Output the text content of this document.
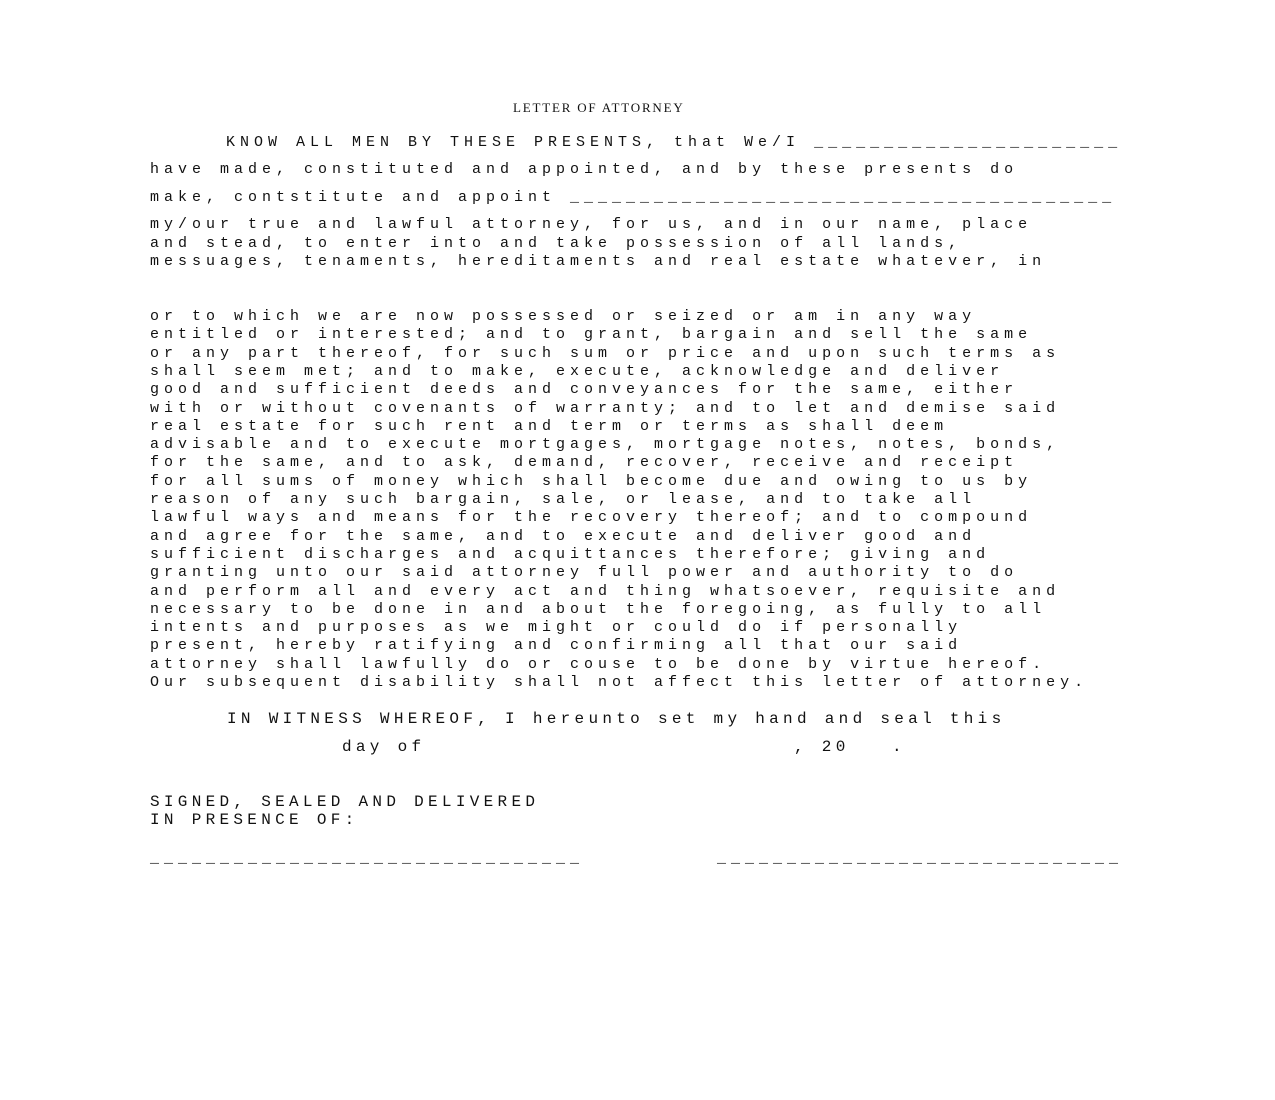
LETTER OF ATTORNEY
KNOW ALL MEN BY THESE PRESENTS, that We/I ______________________
have made, constituted and appointed, and by these presents do
make, contstitute and appoint _______________________________________
my/our true and lawful attorney, for us, and in our name, place
and stead, to enter into and take possession of all lands,
messuages, tenaments, hereditaments and real estate whatever, in
or to which we are now possessed or seized or am in any way
entitled or interested; and to grant, bargain and sell the same
or any part thereof, for such sum or price and upon such terms as
shall seem met; and to make, execute, acknowledge and deliver
good and sufficient deeds and conveyances for the same, either
with or without covenants of warranty; and to let and demise said
real estate for such rent and term or terms as shall deem
advisable and to execute mortgages, mortgage notes, notes, bonds,
for the same, and to ask, demand, recover, receive and receipt
for all sums of money which shall become due and owing to us by
reason of any such bargain, sale, or lease, and to take all
lawful ways and means for the recovery thereof; and to compound
and agree for the same, and to execute and deliver good and
sufficient discharges and acquittances therefore; giving and
granting unto our said attorney full power and authority to do
and perform all and every act and thing whatsoever, requisite and
necessary to be done in and about the foregoing, as fully to all
intents and purposes as we might or could do if personally
present, hereby ratifying and confirming all that our said
attorney shall lawfully do or couse to be done by virtue hereof.
Our subsequent disability shall not affect this letter of attorney.
IN WITNESS WHEREOF, I hereunto set my hand and seal this
day of	, 20	.
SIGNED, SEALED AND DELIVERED
IN PRESENCE OF:
_______________________________	_____________________________
